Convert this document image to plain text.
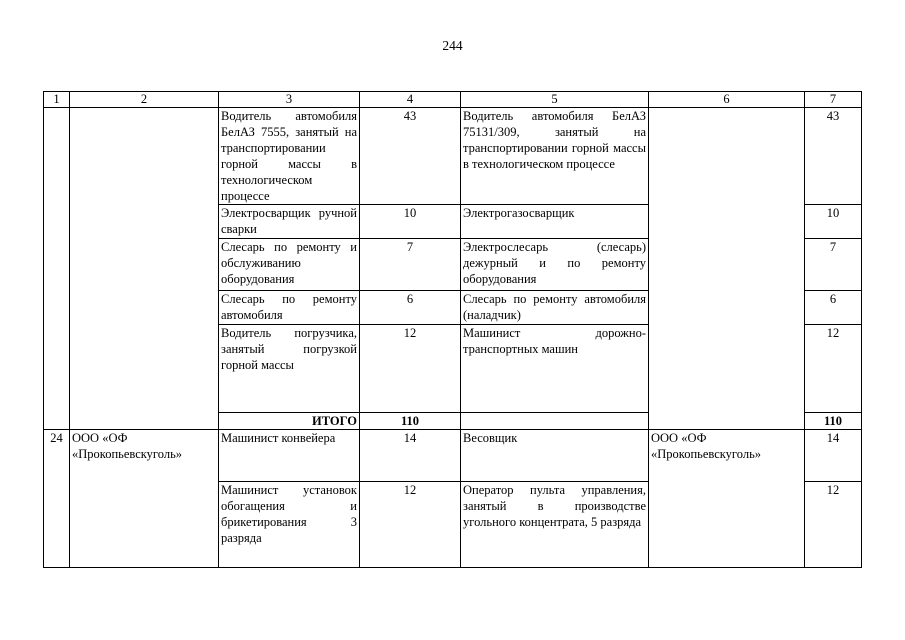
244
1	2	3	4	5	6	7
		Водитель автомобиля БелАЗ 7555, занятый на транспортировании горной массы в технологическом процессе	43	Водитель автомобиля БелАЗ 75131/309, занятый на транспортировании горной массы в технологическом процессе		43
		Электросварщик ручной сварки	10	Электрогазосварщик		10
		Слесарь по ремонту и обслуживанию оборудования	7	Электрослесарь (слесарь) дежурный и по ремонту оборудования		7
		Слесарь по ремонту автомобиля	6	Слесарь по ремонту автомобиля (наладчик)		6
		Водитель погрузчика, занятый погрузкой горной массы	12	Машинист дорожно-транспортных машин		12
		ИТОГО	110			110
24	ООО «ОФ «Прокопьевскуголь»	Машинист конвейера	14	Весовщик	ООО «ОФ «Прокопьевскуголь»	14
		Машинист установок обогащения и брикетирования 3 разряда	12	Оператор пульта управления, занятый в производстве угольного концентрата, 5 разряда		12
